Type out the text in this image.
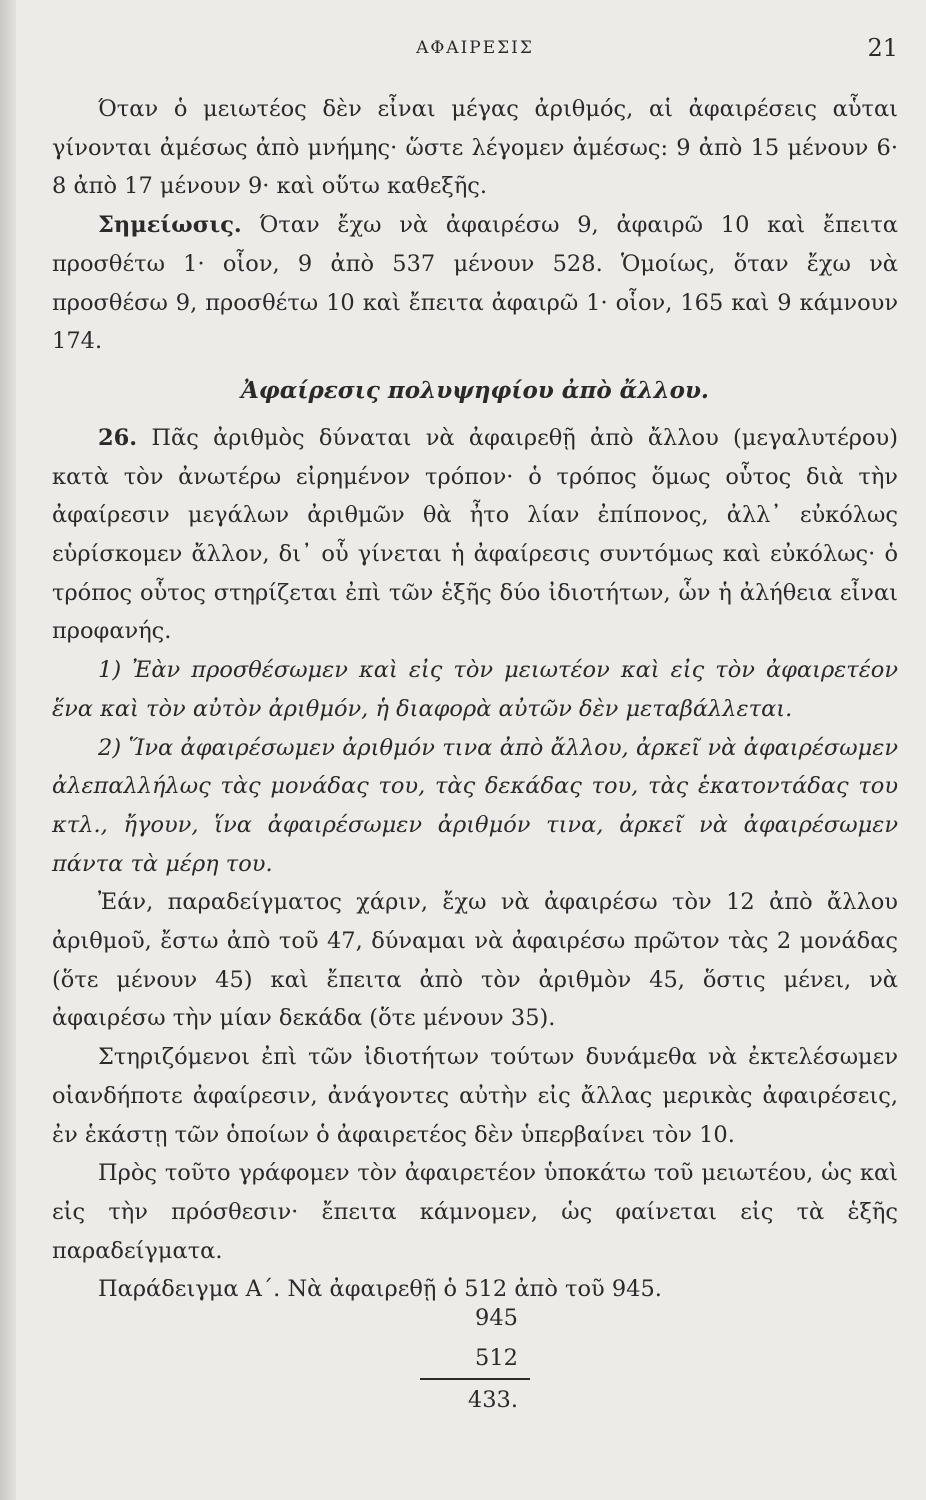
ΑΦΑΙΡΕΣΙΣ	21

Όταν ὁ μειωτέος δὲν εἶναι μέγας ἀριθμός, αἱ ἀφαιρέσεις αὗται γίνονται ἀμέσως ἀπὸ μνήμης· ὥστε λέγομεν ἀμέσως: 9 ἀπὸ 15 μένουν 6· 8 ἀπὸ 17 μένουν 9· καὶ οὕτω καθεξῆς.

Σημείωσις. Όταν ἔχω νὰ ἀφαιρέσω 9, ἀφαιρῶ 10 καὶ ἔπειτα προσθέτω 1· οἷον, 9 ἀπὸ 537 μένουν 528. Ὁμοίως, ὅταν ἔχω νὰ προσθέσω 9, προσθέτω 10 καὶ ἔπειτα ἀφαιρῶ 1· οἷον, 165 καὶ 9 κάμνουν 174.

Ἀφαίρεσις πολυψηφίου ἀπὸ ἄλλου.

26. Πᾶς ἀριθμὸς δύναται νὰ ἀφαιρεθῇ ἀπὸ ἄλλου (μεγαλυτέρου) κατὰ τὸν ἀνωτέρω εἰρημένον τρόπον· ὁ τρόπος ὅμως οὗτος διὰ τὴν ἀφαίρεσιν μεγάλων ἀριθμῶν θὰ ἦτο λίαν ἐπίπονος, ἀλλ᾽ εὐκόλως εὑρίσκομεν ἄλλον, δι᾽ οὗ γίνεται ἡ ἀφαίρεσις συντόμως καὶ εὐκόλως· ὁ τρόπος οὗτος στηρίζεται ἐπὶ τῶν ἑξῆς δύο ἰδιοτήτων, ὧν ἡ ἀλήθεια εἶναι προφανής.

1) Ἐὰν προσθέσωμεν καὶ εἰς τὸν μειωτέον καὶ εἰς τὸν ἀφαιρετέον ἕνα καὶ τὸν αὐτὸν ἀριθμόν, ἡ διαφορὰ αὐτῶν δὲν μεταβάλλεται.

2) Ἵνα ἀφαιρέσωμεν ἀριθμόν τινα ἀπὸ ἄλλου, ἀρκεῖ νὰ ἀφαιρέσωμεν ἀλεπαλλήλως τὰς μονάδας του, τὰς δεκάδας του, τὰς ἑκατοντάδας του κτλ., ἤγουν, ἵνα ἀφαιρέσωμεν ἀριθμόν τινα, ἀρκεῖ νὰ ἀφαιρέσωμεν πάντα τὰ μέρη του.

Ἐάν, παραδείγματος χάριν, ἔχω νὰ ἀφαιρέσω τὸν 12 ἀπὸ ἄλλου ἀριθμοῦ, ἔστω ἀπὸ τοῦ 47, δύναμαι νὰ ἀφαιρέσω πρῶτον τὰς 2 μονάδας (ὅτε μένουν 45) καὶ ἔπειτα ἀπὸ τὸν ἀριθμὸν 45, ὅστις μένει, νὰ ἀφαιρέσω τὴν μίαν δεκάδα (ὅτε μένουν 35).

Στηριζόμενοι ἐπὶ τῶν ἰδιοτήτων τούτων δυνάμεθα νὰ ἐκτελέσωμεν οἱανδήποτε ἀφαίρεσιν, ἀνάγοντες αὐτὴν εἰς ἄλλας μερικὰς ἀφαιρέσεις, ἐν ἑκάστῃ τῶν ὁποίων ὁ ἀφαιρετέος δὲν ὑπερβαίνει τὸν 10.

Πρὸς τοῦτο γράφομεν τὸν ἀφαιρετέον ὑποκάτω τοῦ μειωτέου, ὡς καὶ εἰς τὴν πρόσθεσιν· ἔπειτα κάμνομεν, ὡς φαίνεται εἰς τὰ ἑξῆς παραδείγματα.

Παράδειγμα Α΄. Νὰ ἀφαιρεθῇ ὁ 512 ἀπὸ τοῦ 945.

945
512
433.
